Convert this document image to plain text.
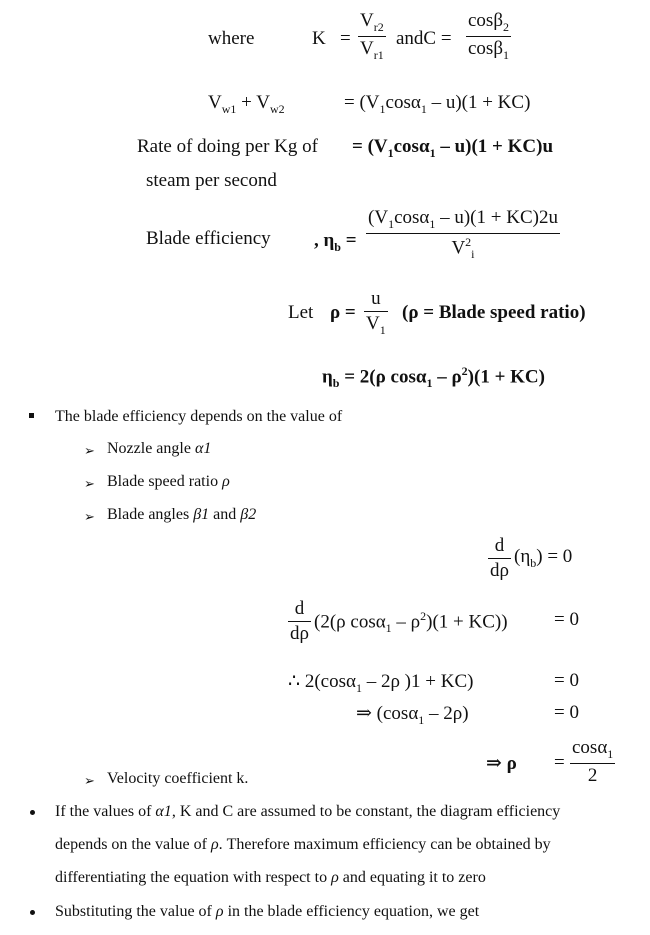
where	K =
$V_{r2}$
$V_{r1}$
andC =
cosβ$_2$
cosβ$_1$
$V_{w1} + V_{w2}$	= $(V_1\cos\alpha_1 - u)(1 + KC)$
Rate of doing per Kg of = $(V_1\cos\alpha_1 - u)(1 + KC)u$
steam per second
Blade efficiency , $\eta_b$ =
$(V_1\cos\alpha_1 - u)(1 + KC)2u$
$V^2_i$
Let ρ =
u
$V_1$
(ρ = Blade speed ratio)
$\eta_b = 2(\rho$ $\cos\alpha_1 - \rho^2)(1 + KC)$
The blade efficiency depends on the value of
➢ Nozzle angle α1
➢ Blade speed ratio ρ
➢ Blade angles β1 and β2
d
dρ
$(\eta_b) = 0$
d
dρ
(2(ρ $\cos\alpha_1 - \rho^2)(1 + KC)) = 0$
∴ 2(cosα$_1$ – 2ρ )1 + KC)	= 0
⇒ (cosα$_1$ – 2ρ)	= 0
⇒ ρ =
cosα$_1$
2
➢ Velocity coefficient k.
If the values of α1, K and C are assumed to be constant, the diagram efficiency
depends on the value of ρ. Therefore maximum efficiency can be obtained by
differentiating the equation with respect to ρ and equating it to zero
Substituting the value of ρ in the blade efficiency equation, we get
